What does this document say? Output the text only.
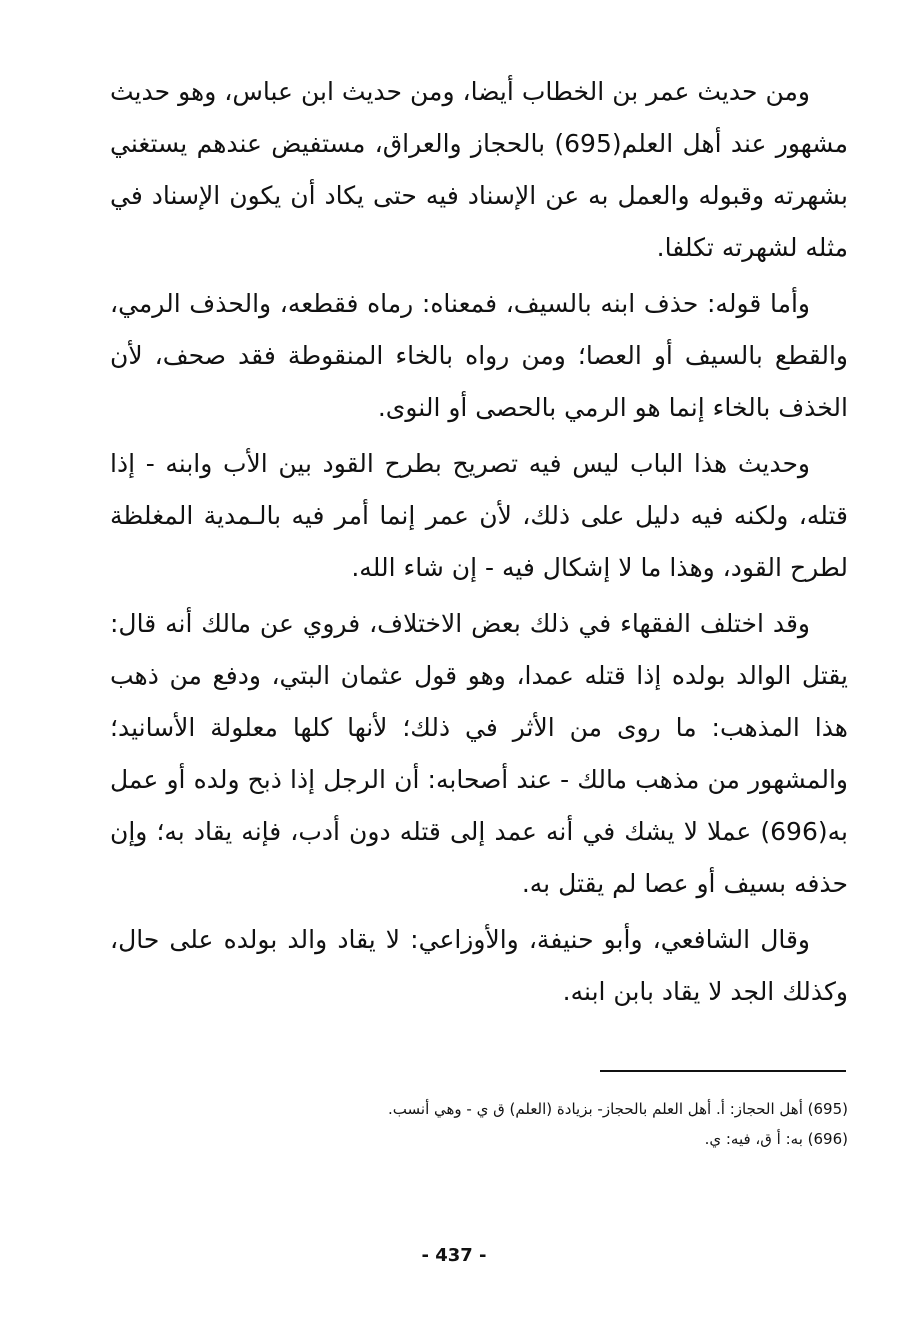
ومن حديث عمر بن الخطاب أيضا، ومن حديث ابن عباس، وهو حديث مشهور عند أهل العلم(695) بالحجاز والعراق، مستفيض عندهم يستغني بشهرته وقبوله والعمل به عن الإسناد فيه حتى يكاد أن يكون الإسناد في مثله لشهرته تكلفا.

وأما قوله: حذف ابنه بالسيف، فمعناه: رماه فقطعه، والحذف الرمي، والقطع بالسيف أو العصا؛ ومن رواه بالخاء المنقوطة فقد صحف، لأن الخذف بالخاء إنما هو الرمي بالحصى أو النوى.

وحديث هذا الباب ليس فيه تصريح بطرح القود بين الأب وابنه - إذا قتله، ولكنه فيه دليل على ذلك، لأن عمر إنما أمر فيه بالـمدية المغلظة لطرح القود، وهذا ما لا إشكال فيه - إن شاء الله.

وقد اختلف الفقهاء في ذلك بعض الاختلاف، فروي عن مالك أنه قال: يقتل الوالد بولده إذا قتله عمدا، وهو قول عثمان البتي، ودفع من ذهب هذا المذهب: ما روى من الأثر في ذلك؛ لأنها كلها معلولة الأسانيد؛ والمشهور من مذهب مالك - عند أصحابه: أن الرجل إذا ذبح ولده أو عمل به(696) عملا لا يشك في أنه عمد إلى قتله دون أدب، فإنه يقاد به؛ وإن حذفه بسيف أو عصا لم يقتل به.

وقال الشافعي، وأبو حنيفة، والأوزاعي: لا يقاد والد بولده على حال، وكذلك الجد لا يقاد بابن ابنه.

(695) أهل الحجاز: أ. أهل العلم بالحجاز- بزيادة (العلم) ق ي - وهي أنسب.

(696) به: أ ق، فيه: ي.

- 437 -
